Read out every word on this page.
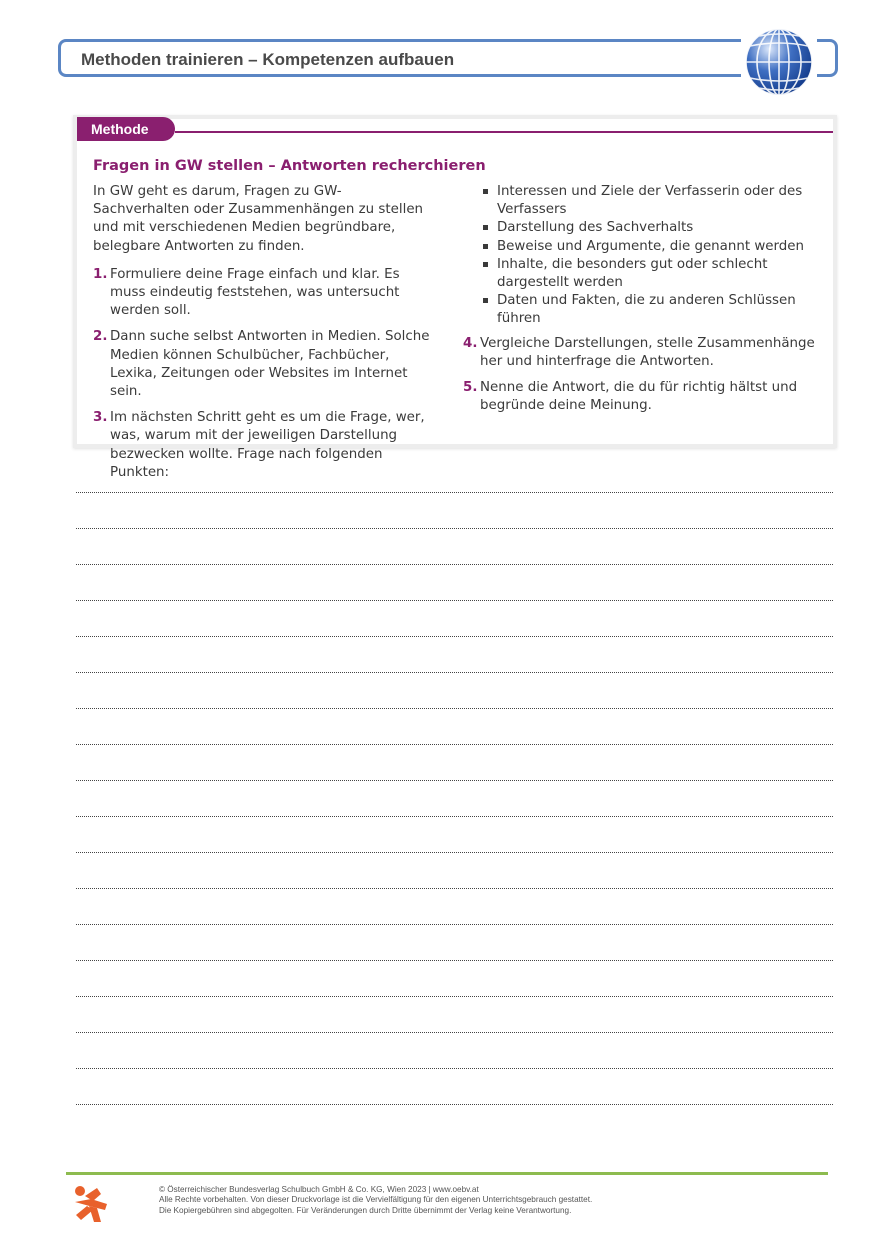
Methoden trainieren – Kompetenzen aufbauen
Methode
Fragen in GW stellen – Antworten recherchieren

In GW geht es darum, Fragen zu GW-Sachverhalten oder Zusammenhängen zu stellen und mit verschiedenen Medien begründbare, belegbare Antworten zu finden.

1. Formuliere deine Frage einfach und klar. Es muss eindeutig feststehen, was untersucht werden soll.
2. Dann suche selbst Antworten in Medien. Solche Medien können Schulbücher, Fachbücher, Lexika, Zeitungen oder Websites im Internet sein.
3. Im nächsten Schritt geht es um die Frage, wer, was, warum mit der jeweiligen Darstellung bezwecken wollte. Frage nach folgenden Punkten:
Interessen und Ziele der Verfasserin oder des Verfassers
Darstellung des Sachverhalts
Beweise und Argumente, die genannt werden
Inhalte, die besonders gut oder schlecht dargestellt werden
Daten und Fakten, die zu anderen Schlüssen führen
4. Vergleiche Darstellungen, stelle Zusammenhänge her und hinterfrage die Antworten.
5. Nenne die Antwort, die du für richtig hältst und begründe deine Meinung.
© Österreichischer Bundesverlag Schulbuch GmbH & Co. KG, Wien 2023 | www.oebv.at
Alle Rechte vorbehalten. Von dieser Druckvorlage ist die Vervielfältigung für den eigenen Unterrichtsgebrauch gestattet.
Die Kopiergebühren sind abgegolten. Für Veränderungen durch Dritte übernimmt der Verlag keine Verantwortung.
